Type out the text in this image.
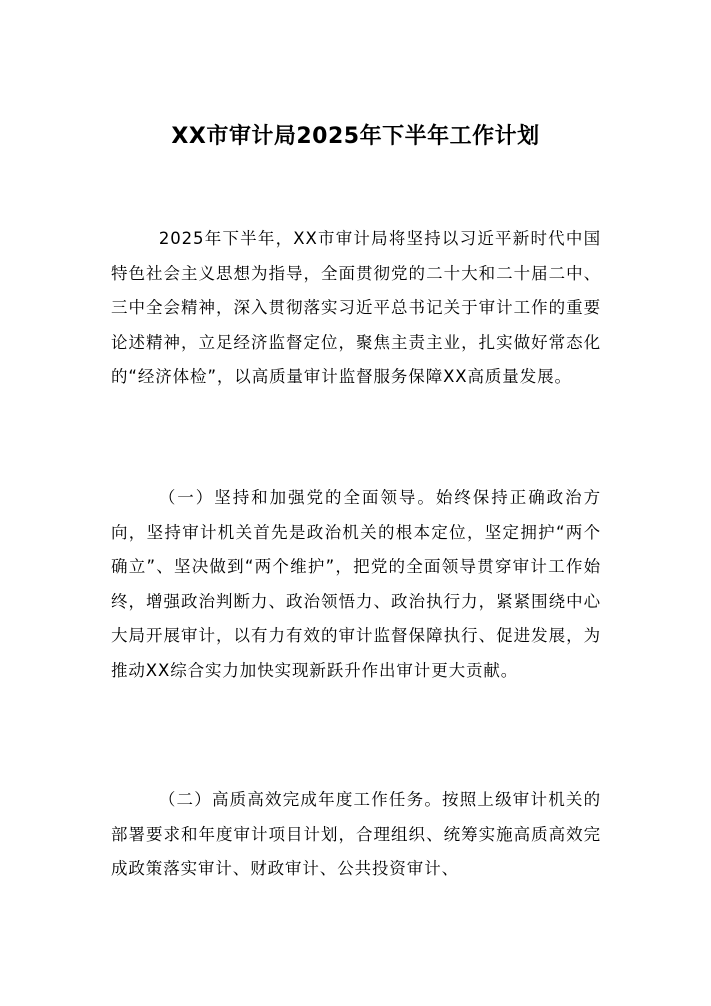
XX市审计局2025年下半年工作计划

2025年下半年，XX市审计局将坚持以习近平新时代中国特色社会主义思想为指导，全面贯彻党的二十大和二十届二中、三中全会精神，深入贯彻落实习近平总书记关于审计工作的重要论述精神，立足经济监督定位，聚焦主责主业，扎实做好常态化的“经济体检”，以高质量审计监督服务保障XX高质量发展。

（一）坚持和加强党的全面领导。始终保持正确政治方向，坚持审计机关首先是政治机关的根本定位，坚定拥护“两个确立”、坚决做到“两个维护”，把党的全面领导贯穿审计工作始终，增强政治判断力、政治领悟力、政治执行力，紧紧围绕中心大局开展审计，以有力有效的审计监督保障执行、促进发展，为推动XX综合实力加快实现新跃升作出审计更大贡献。

（二）高质高效完成年度工作任务。按照上级审计机关的部署要求和年度审计项目计划，合理组织、统筹实施高质高效完成政策落实审计、财政审计、公共投资审计、
